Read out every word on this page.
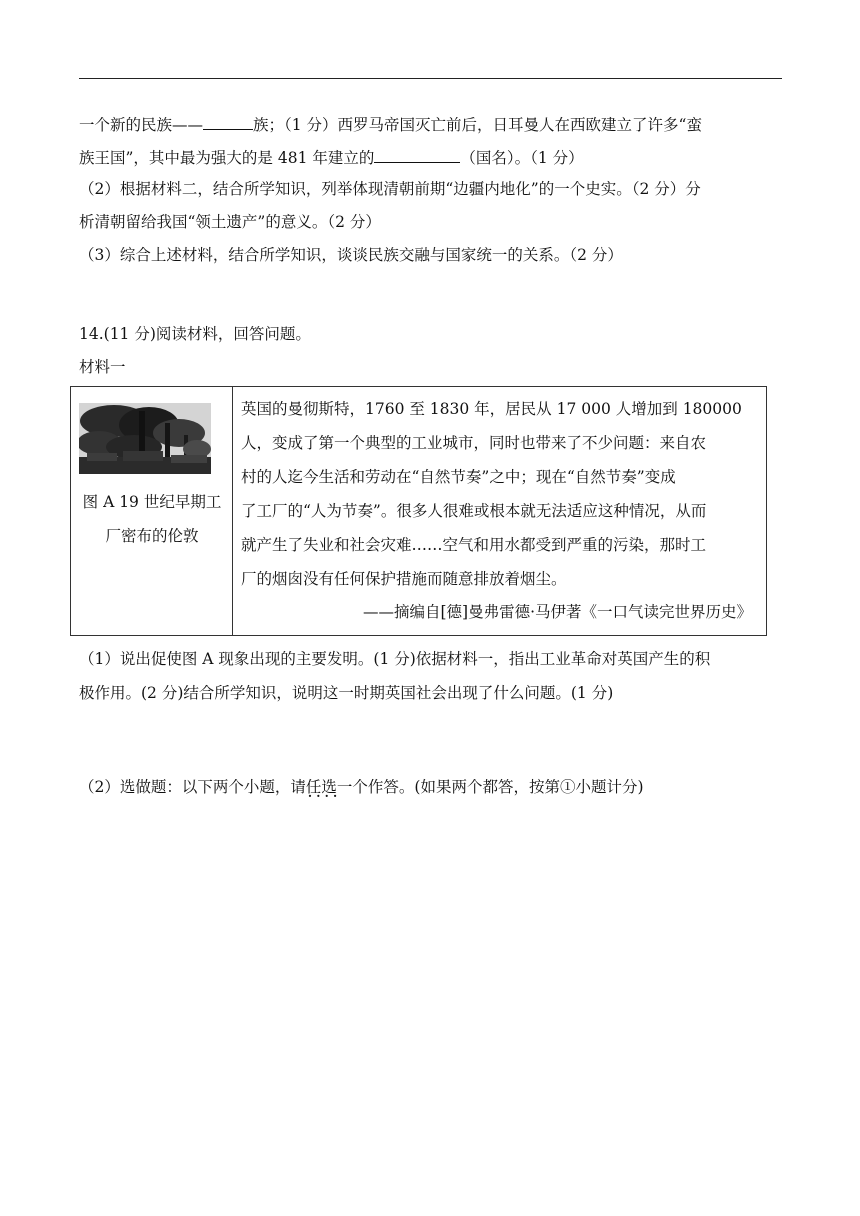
一个新的民族——	族；（1 分）西罗马帝国灭亡前后，日耳曼人在西欧建立了许多“蛮
族王国”，其中最为强大的是 481 年建立的	（国名）。（1 分）
（2）根据材料二，结合所学知识，列举体现清朝前期“边疆内地化”的一个史实。（2 分）分
析清朝留给我国“领土遗产”的意义。（2 分）
（3）综合上述材料，结合所学知识，谈谈民族交融与国家统一的关系。（2 分）
14.(11 分)阅读材料，回答问题。
材料一
图 A 19 世纪早期工
厂密布的伦敦
英国的曼彻斯特，1760 至 1830 年，居民从 17 000 人增加到 180000
人，变成了第一个典型的工业城市，同时也带来了不少问题：来自农
村的人迄今生活和劳动在“自然节奏”之中；现在“自然节奏”变成
了工厂的“人为节奏”。很多人很难或根本就无法适应这种情况，从而
就产生了失业和社会灾难……空气和用水都受到严重的污染，那时工
厂的烟囱没有任何保护措施而随意排放着烟尘。
——摘编自[德]曼弗雷德·马伊著《一口气读完世界历史》
（1）说出促使图 A 现象出现的主要发明。(1 分)依据材料一，指出工业革命对英国产生的积
极作用。(2 分)结合所学知识，说明这一时期英国社会出现了什么问题。(1 分)
（2）选做题：以下两个小题，请任选一个 · · 作答。(如果两个都答，按第①小题计分)
